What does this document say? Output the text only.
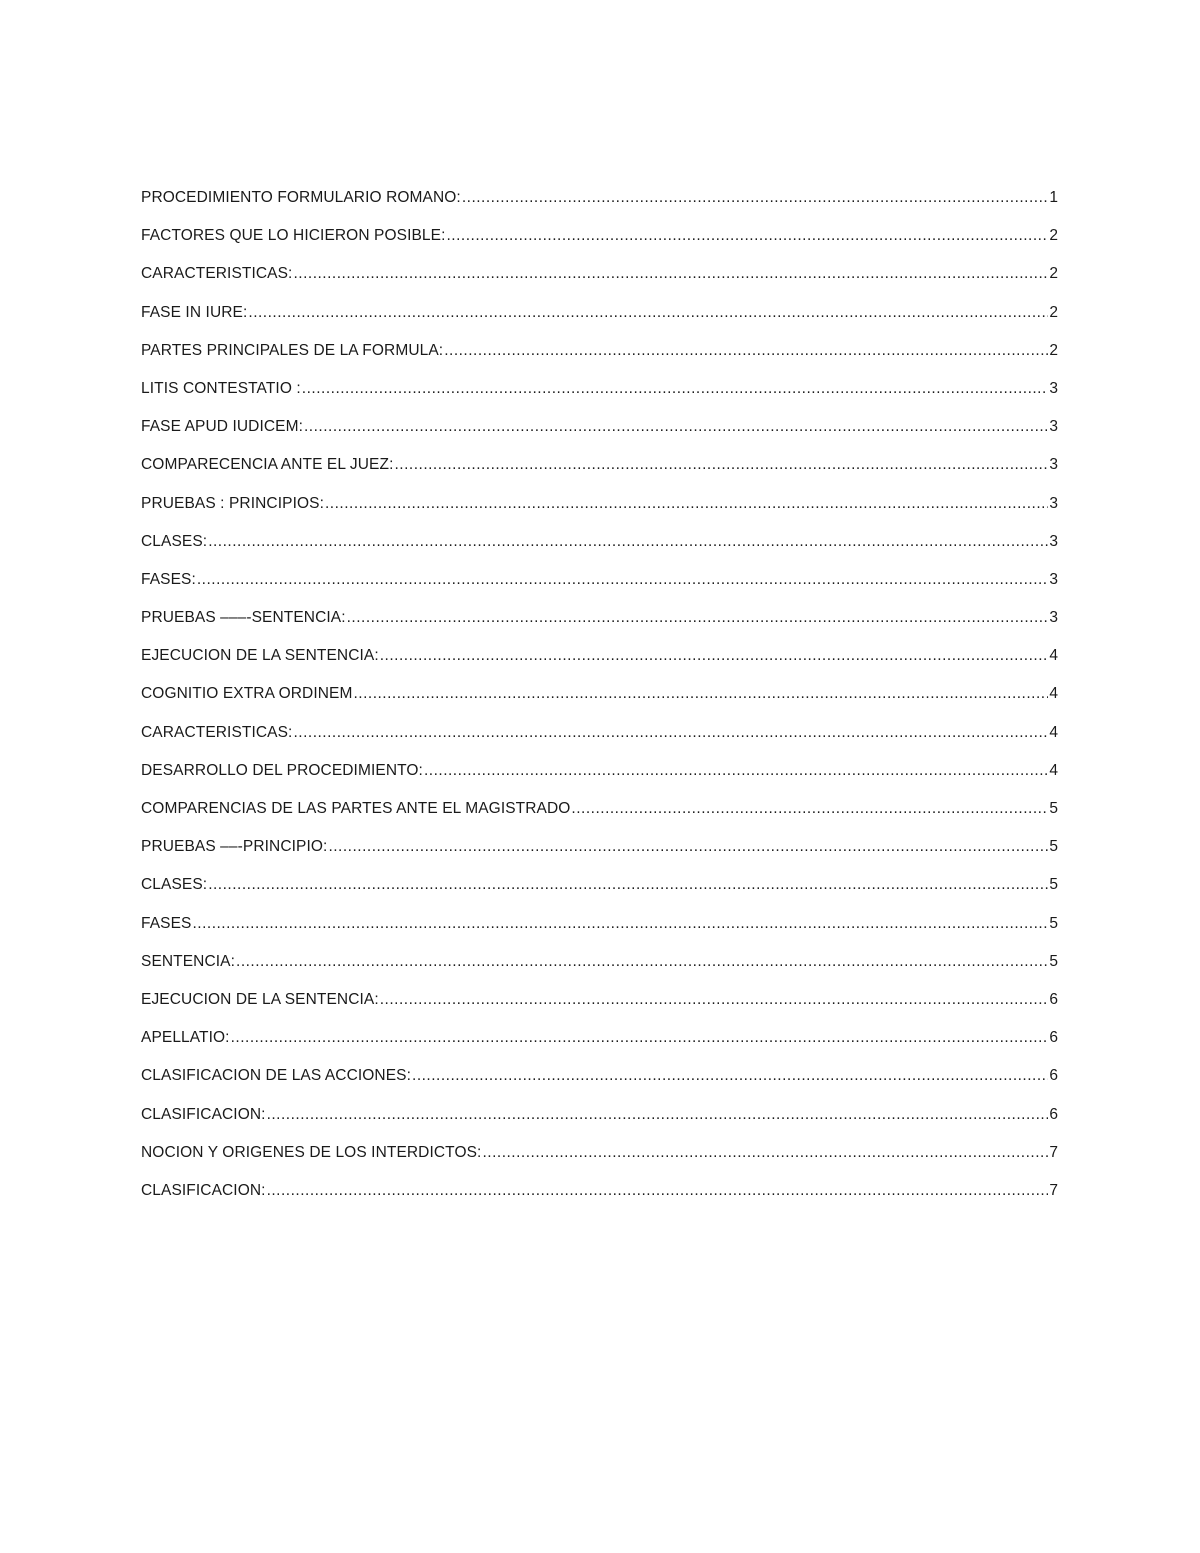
PROCEDIMIENTO FORMULARIO ROMANO: .....	1
FACTORES QUE LO HICIERON POSIBLE: .....	2
CARACTERISTICAS: .....	2
FASE IN IURE: .....	2
PARTES PRINCIPALES DE LA FORMULA: .....	2
LITIS CONTESTATIO : .....	3
FASE APUD IUDICEM: .....	3
COMPARECENCIA ANTE EL JUEZ: .....	3
PRUEBAS : PRINCIPIOS: .....	3
CLASES: .....	3
FASES: .....	3
PRUEBAS –––-SENTENCIA: .....	3
EJECUCION DE LA SENTENCIA: .....	4
COGNITIO EXTRA ORDINEM .....	4
CARACTERISTICAS: .....	4
DESARROLLO DEL PROCEDIMIENTO: .....	4
COMPARENCIAS DE LAS PARTES ANTE EL MAGISTRADO .....	5
PRUEBAS ––-PRINCIPIO: .....	5
CLASES: .....	5
FASES .....	5
SENTENCIA: .....	5
EJECUCION DE LA SENTENCIA: .....	6
APELLATIO: .....	6
CLASIFICACION DE LAS ACCIONES: .....	6
CLASIFICACION: .....	6
NOCION Y ORIGENES DE LOS INTERDICTOS: .....	7
CLASIFICACION: .....	7
